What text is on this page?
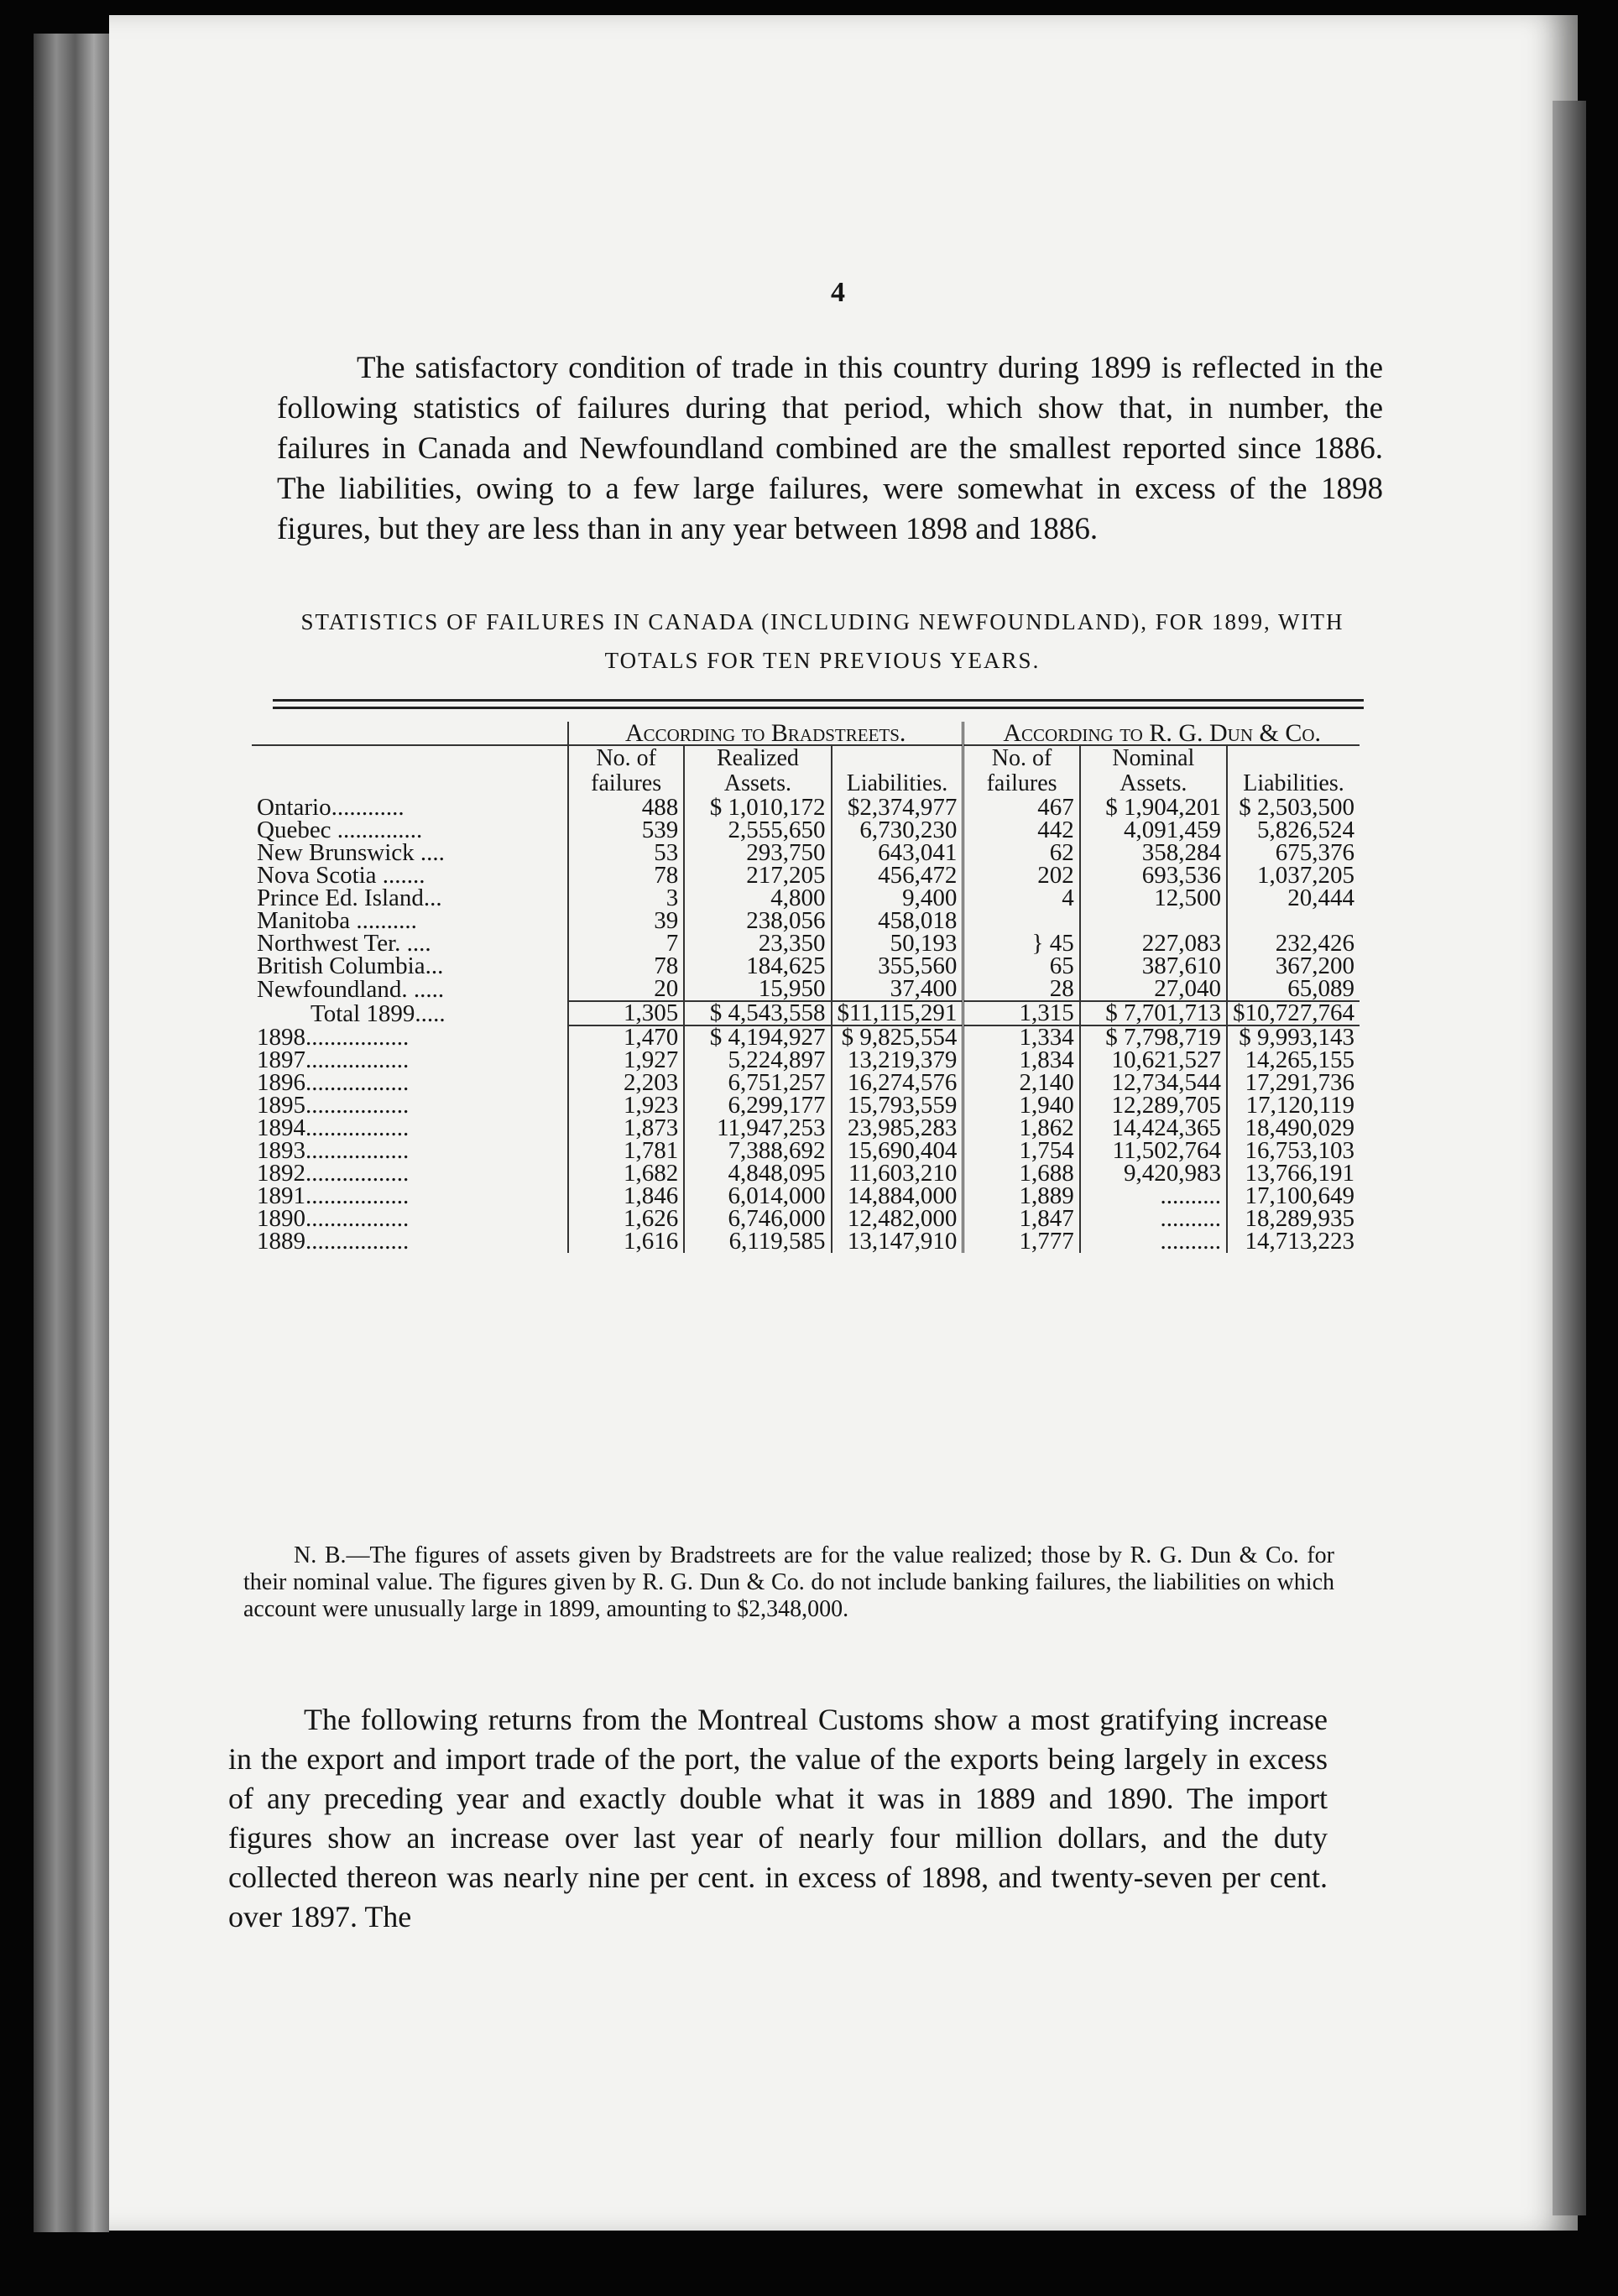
4

The satisfactory condition of trade in this country during 1899 is reflected in the following statistics of failures during that period, which show that, in number, the failures in Canada and Newfoundland combined are the smallest reported since 1886. The liabilities, owing to a few large failures, were somewhat in excess of the 1898 figures, but they are less than in any year between 1898 and 1886.

STATISTICS OF FAILURES IN CANADA (INCLUDING NEWFOUNDLAND), FOR 1899, WITH TOTALS FOR TEN PREVIOUS YEARS.
	According to Bradstreets.			According to R. G. Dun & Co.		
	No. of failures	Realized Assets.	Liabilities.	No. of failures	Nominal Assets.	Liabilities.
Ontario............	488	$ 1,010,172	$2,374,977	467	$ 1,904,201	$ 2,503,500
Quebec ..............	539	2,555,650	6,730,230	442	4,091,459	5,826,524
New Brunswick ....	53	293,750	643,041	62	358,284	675,376
Nova Scotia .......	78	217,205	456,472	202	693,536	1,037,205
Prince Ed. Island...	3	4,800	9,400	4	12,500	20,444
Manitoba ..........	39	238,056	458,018			
Northwest Ter. ....	7	23,350	50,193	} 45	227,083	232,426
British Columbia...	78	184,625	355,560	65	387,610	367,200
Newfoundland. .....	20	15,950	37,400	28	27,040	65,089
Total 1899.....	1,305	$ 4,543,558	$11,115,291	1,315	$ 7,701,713	$10,727,764
1898.................	1,470	$ 4,194,927	$ 9,825,554	1,334	$ 7,798,719	$ 9,993,143
1897.................	1,927	5,224,897	13,219,379	1,834	10,621,527	14,265,155
1896.................	2,203	6,751,257	16,274,576	2,140	12,734,544	17,291,736
1895.................	1,923	6,299,177	15,793,559	1,940	12,289,705	17,120,119
1894.................	1,873	11,947,253	23,985,283	1,862	14,424,365	18,490,029
1893.................	1,781	7,388,692	15,690,404	1,754	11,502,764	16,753,103
1892.................	1,682	4,848,095	11,603,210	1,688	9,420,983	13,766,191
1891.................	1,846	6,014,000	14,884,000	1,889	..........	17,100,649
1890.................	1,626	6,746,000	12,482,000	1,847	..........	18,289,935
1889.................	1,616	6,119,585	13,147,910	1,777	..........	14,713,223

N. B.—The figures of assets given by Bradstreets are for the value realized; those by R. G. Dun & Co. for their nominal value. The figures given by R. G. Dun & Co. do not include banking failures, the liabilities on which account were unusually large in 1899, amounting to $2,348,000.

The following returns from the Montreal Customs show a most gratifying increase in the export and import trade of the port, the value of the exports being largely in excess of any preceding year and exactly double what it was in 1889 and 1890. The import figures show an increase over last year of nearly four million dollars, and the duty collected thereon was nearly nine per cent. in excess of 1898, and twenty-seven per cent. over 1897. The
